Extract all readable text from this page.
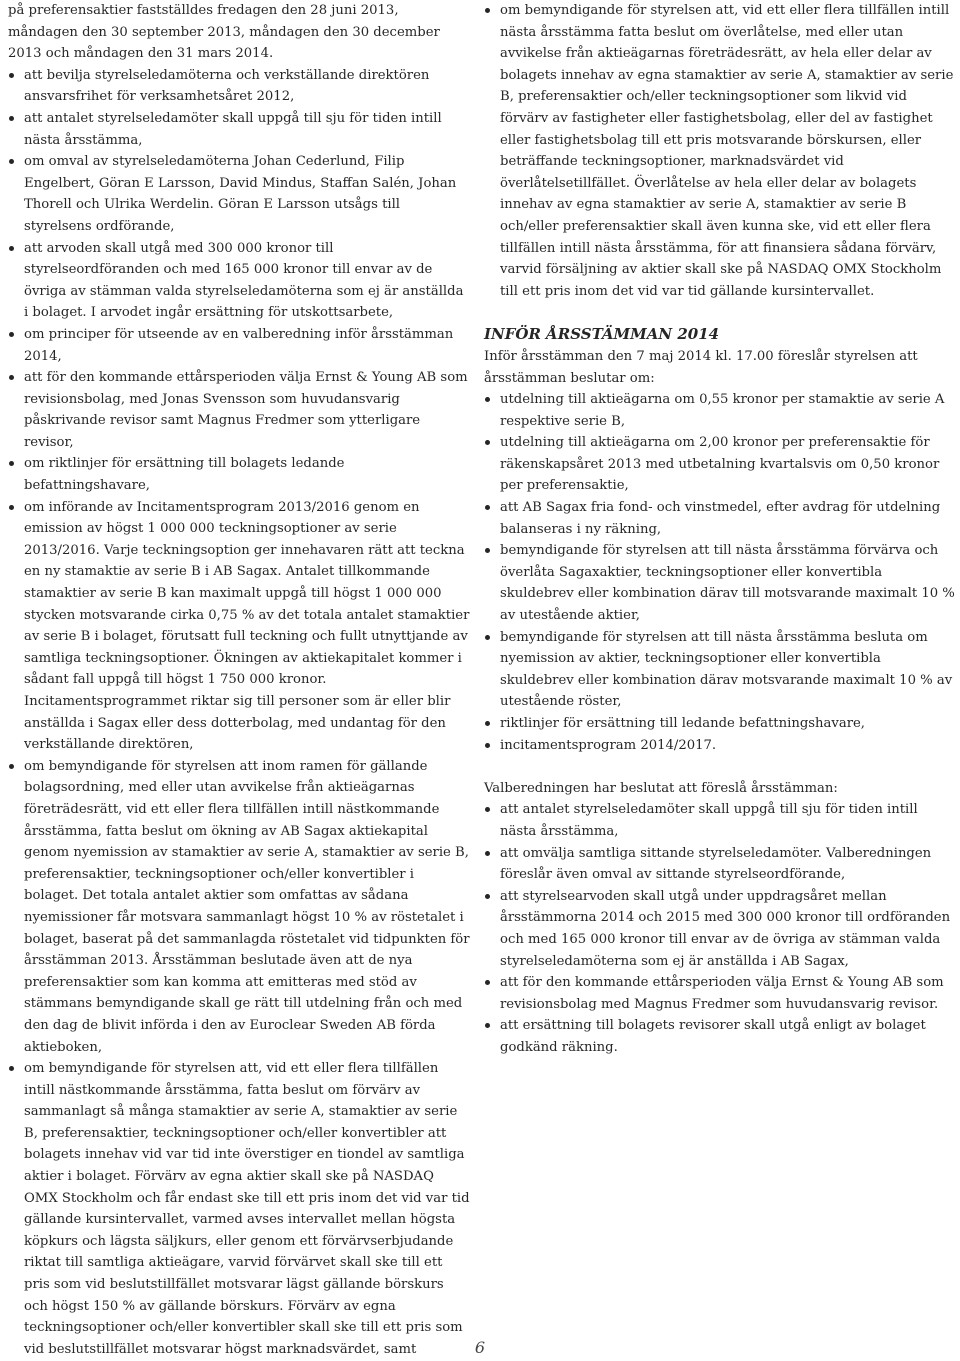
på preferensaktier fastställdes fredagen den 28 juni 2013, måndagen den 30 september 2013, måndagen den 30 december 2013 och måndagen den 31 mars 2014.

att bevilja styrelseledamöterna och verkställande direktören ansvarsfrihet för verksamhetsåret 2012,
att antalet styrelseledamöter skall uppgå till sju för tiden intill nästa årsstämma,
om omval av styrelseledamöterna Johan Cederlund, Filip Engelbert, Göran E Larsson, David Mindus, Staffan Salén, Johan Thorell och Ulrika Werdelin. Göran E Larsson utsågs till styrelsens ordförande,
att arvoden skall utgå med 300 000 kronor till styrelseordföranden och med 165 000 kronor till envar av de övriga av stämman valda styrelseledamöterna som ej är anställda i bolaget. I arvodet ingår ersättning för utskottsarbete,
om principer för utseende av en valberedning inför årsstämman 2014,
att för den kommande ettårsperioden välja Ernst & Young AB som revisionsbolag, med Jonas Svensson som huvudansvarig påskrivande revisor samt Magnus Fredmer som ytterligare revisor,
om riktlinjer för ersättning till bolagets ledande befattningshavare,
om införande av Incitamentsprogram 2013/2016 genom en emission av högst 1 000 000 teckningsoptioner av serie 2013/2016. Varje teckningsoption ger innehavaren rätt att teckna en ny stamaktie av serie B i AB Sagax. Antalet tillkommande stamaktier av serie B kan maximalt uppgå till högst 1 000 000 stycken motsvarande cirka 0,75 % av det totala antalet stamaktier av serie B i bolaget, förutsatt full teckning och fullt utnyttjande av samtliga teckningsoptioner. Ökningen av aktiekapitalet kommer i sådant fall uppgå till högst 1 750 000 kronor. Incitamentsprogrammet riktar sig till personer som är eller blir anställda i Sagax eller dess dotterbolag, med undantag för den verkställande direktören,
om bemyndigande för styrelsen att inom ramen för gällande bolagsordning, med eller utan avvikelse från aktieägarnas företrädesrätt, vid ett eller flera tillfällen intill nästkommande årsstämma, fatta beslut om ökning av AB Sagax aktiekapital genom nyemission av stamaktier av serie A, stamaktier av serie B, preferensaktier, teckningsoptioner och/eller konvertibler i bolaget. Det totala antalet aktier som omfattas av sådana nyemissioner får motsvara sammanlagt högst 10 % av röstetalet i bolaget, baserat på det sammanlagda röstetalet vid tidpunkten för årsstämman 2013. Årsstämman beslutade även att de nya preferensaktier som kan komma att emitteras med stöd av stämmans bemyndigande skall ge rätt till utdelning från och med den dag de blivit införda i den av Euroclear Sweden AB förda aktieboken,
om bemyndigande för styrelsen att, vid ett eller flera tillfällen intill nästkommande årsstämma, fatta beslut om förvärv av sammanlagt så många stamaktier av serie A, stamaktier av serie B, preferensaktier, teckningsoptioner och/eller konvertibler att bolagets innehav vid var tid inte överstiger en tiondel av samtliga aktier i bolaget. Förvärv av egna aktier skall ske på NASDAQ OMX Stockholm och får endast ske till ett pris inom det vid var tid gällande kursintervallet, varmed avses intervallet mellan högsta köpkurs och lägsta säljkurs, eller genom ett förvärvserbjudande riktat till samtliga aktieägare, varvid förvärvet skall ske till ett pris som vid beslutstillfället motsvarar lägst gällande börskurs och högst 150 % av gällande börskurs. Förvärv av egna teckningsoptioner och/eller konvertibler skall ske till ett pris som vid beslutstillfället motsvarar högst marknadsvärdet, samt
om bemyndigande för styrelsen att, vid ett eller flera tillfällen intill nästa årsstämma fatta beslut om överlåtelse, med eller utan avvikelse från aktieägarnas företrädesrätt, av hela eller delar av bolagets innehav av egna stamaktier av serie A, stamaktier av serie B, preferensaktier och/eller teckningsoptioner som likvid vid förvärv av fastigheter eller fastighetsbolag, eller del av fastighet eller fastighetsbolag till ett pris motsvarande börskursen, eller beträffande teckningsoptioner, marknadsvärdet vid överlåtelsetillfället. Överlåtelse av hela eller delar av bolagets innehav av egna stamaktier av serie A, stamaktier av serie B och/eller preferensaktier skall även kunna ske, vid ett eller flera tillfällen intill nästa årsstämma, för att finansiera sådana förvärv, varvid försäljning av aktier skall ske på NASDAQ OMX Stockholm till ett pris inom det vid var tid gällande kursintervallet.
INFÖR ÅRSSTÄMMAN 2014

Inför årsstämman den 7 maj 2014 kl. 17.00 föreslår styrelsen att årsstämman beslutar om:

utdelning till aktieägarna om 0,55 kronor per stamaktie av serie A respektive serie B,
utdelning till aktieägarna om 2,00 kronor per preferensaktie för räkenskapsåret 2013 med utbetalning kvartalsvis om 0,50 kronor per preferensaktie,
att AB Sagax fria fond- och vinstmedel, efter avdrag för utdelning balanseras i ny räkning,
bemyndigande för styrelsen att till nästa årsstämma förvärva och överlåta Sagaxaktier, teckningsoptioner eller konvertibla skuldebrev eller kombination därav till motsvarande maximalt 10 % av utestående aktier,
bemyndigande för styrelsen att till nästa årsstämma besluta om nyemission av aktier, teckningsoptioner eller konvertibla skuldebrev eller kombination därav motsvarande maximalt 10 % av utestående röster,
riktlinjer för ersättning till ledande befattningshavare,
incitamentsprogram 2014/2017.

Valberedningen har beslutat att föreslå årsstämman:

att antalet styrelseledamöter skall uppgå till sju för tiden intill nästa årsstämma,
att omvälja samtliga sittande styrelseledamöter. Valberedningen föreslår även omval av sittande styrelseordförande,
att styrelsearvoden skall utgå under uppdragsåret mellan årsstämmorna 2014 och 2015 med 300 000 kronor till ordföranden och med 165 000 kronor till envar av de övriga av stämman valda styrelseledamöterna som ej är anställda i AB Sagax,
att för den kommande ettårsperioden välja Ernst & Young AB som revisionsbolag med Magnus Fredmer som huvudansvarig revisor.
att ersättning till bolagets revisorer skall utgå enligt av bolaget godkänd räkning.
6
